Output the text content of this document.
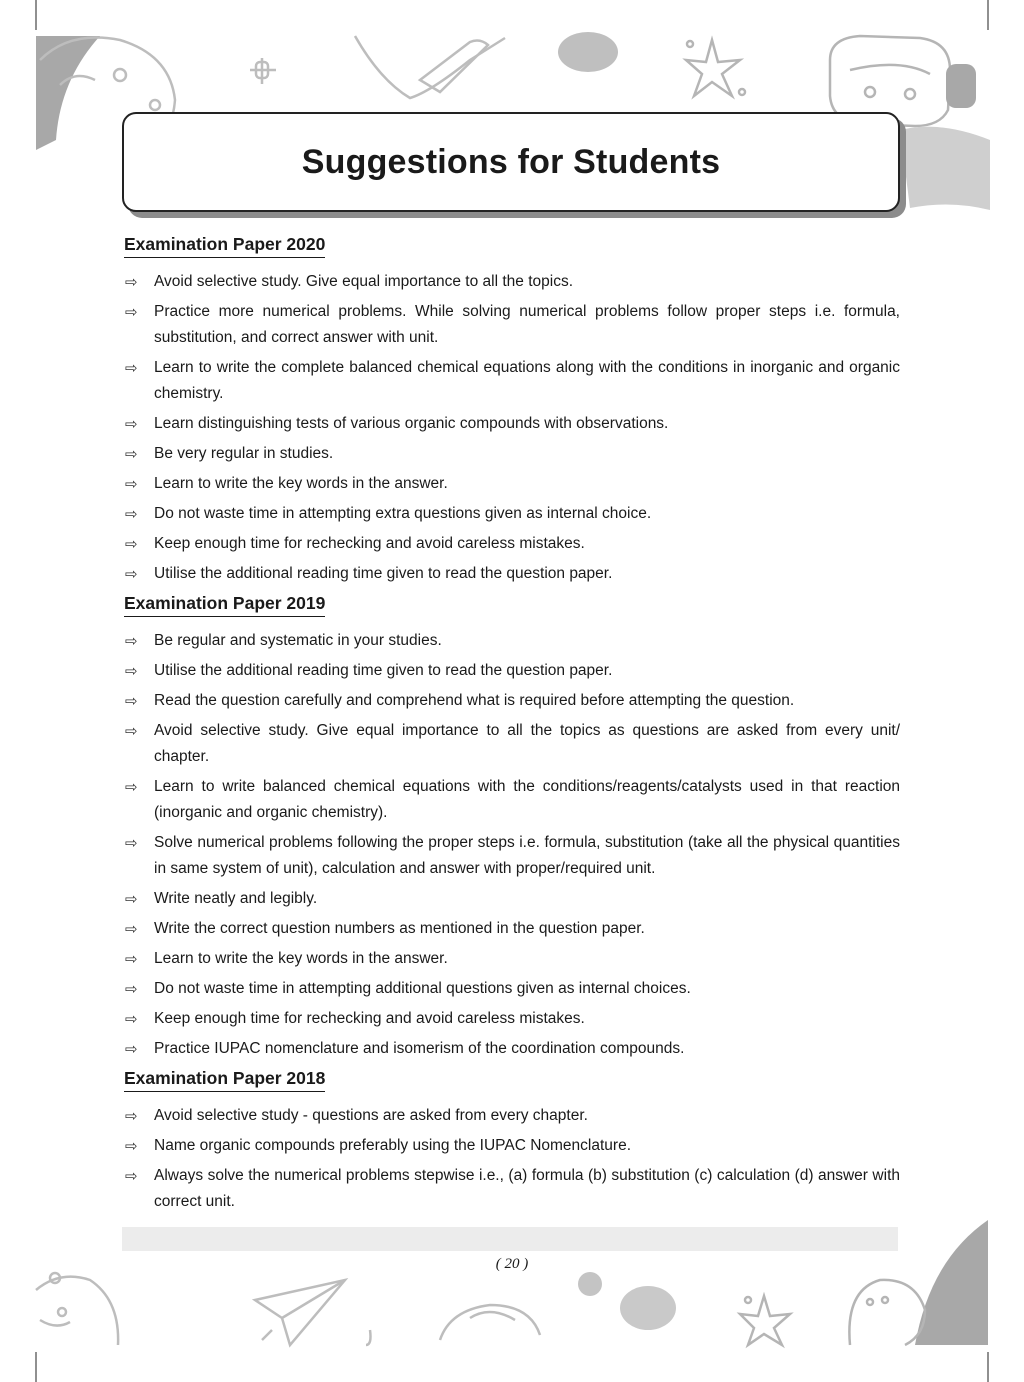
Suggestions for Students
Examination Paper 2020
⇨ Avoid selective study. Give equal importance to all the topics.
⇨ Practice more numerical problems. While solving numerical problems follow proper steps i.e. formula, substitution, and correct answer with unit.
⇨ Learn to write the complete balanced chemical equations along with the conditions in inorganic and organic chemistry.
⇨ Learn distinguishing tests of various organic compounds with observations.
⇨ Be very regular in studies.
⇨ Learn to write the key words in the answer.
⇨ Do not waste time in attempting extra questions given as internal choice.
⇨ Keep enough time for rechecking and avoid careless mistakes.
⇨ Utilise the additional reading time given to read the question paper.
Examination Paper 2019
⇨ Be regular and systematic in your studies.
⇨ Utilise the additional reading time given to read the question paper.
⇨ Read the question carefully and comprehend what is required before attempting the question.
⇨ Avoid selective study. Give equal importance to all the topics as questions are asked from every unit/ chapter.
⇨ Learn to write balanced chemical equations with the conditions/reagents/catalysts used in that reaction (inorganic and organic chemistry).
⇨ Solve numerical problems following the proper steps i.e. formula, substitution (take all the physical quantities in same system of unit), calculation and answer with proper/required unit.
⇨ Write neatly and legibly.
⇨ Write the correct question numbers as mentioned in the question paper.
⇨ Learn to write the key words in the answer.
⇨ Do not waste time in attempting additional questions given as internal choices.
⇨ Keep enough time for rechecking and avoid careless mistakes.
⇨ Practice IUPAC nomenclature and isomerism of the coordination compounds.
Examination Paper 2018
⇨ Avoid selective study - questions are asked from every chapter.
⇨ Name organic compounds preferably using the IUPAC Nomenclature.
⇨ Always solve the numerical problems stepwise i.e., (a) formula (b) substitution (c) calculation (d) answer with correct unit.
( 20 )
